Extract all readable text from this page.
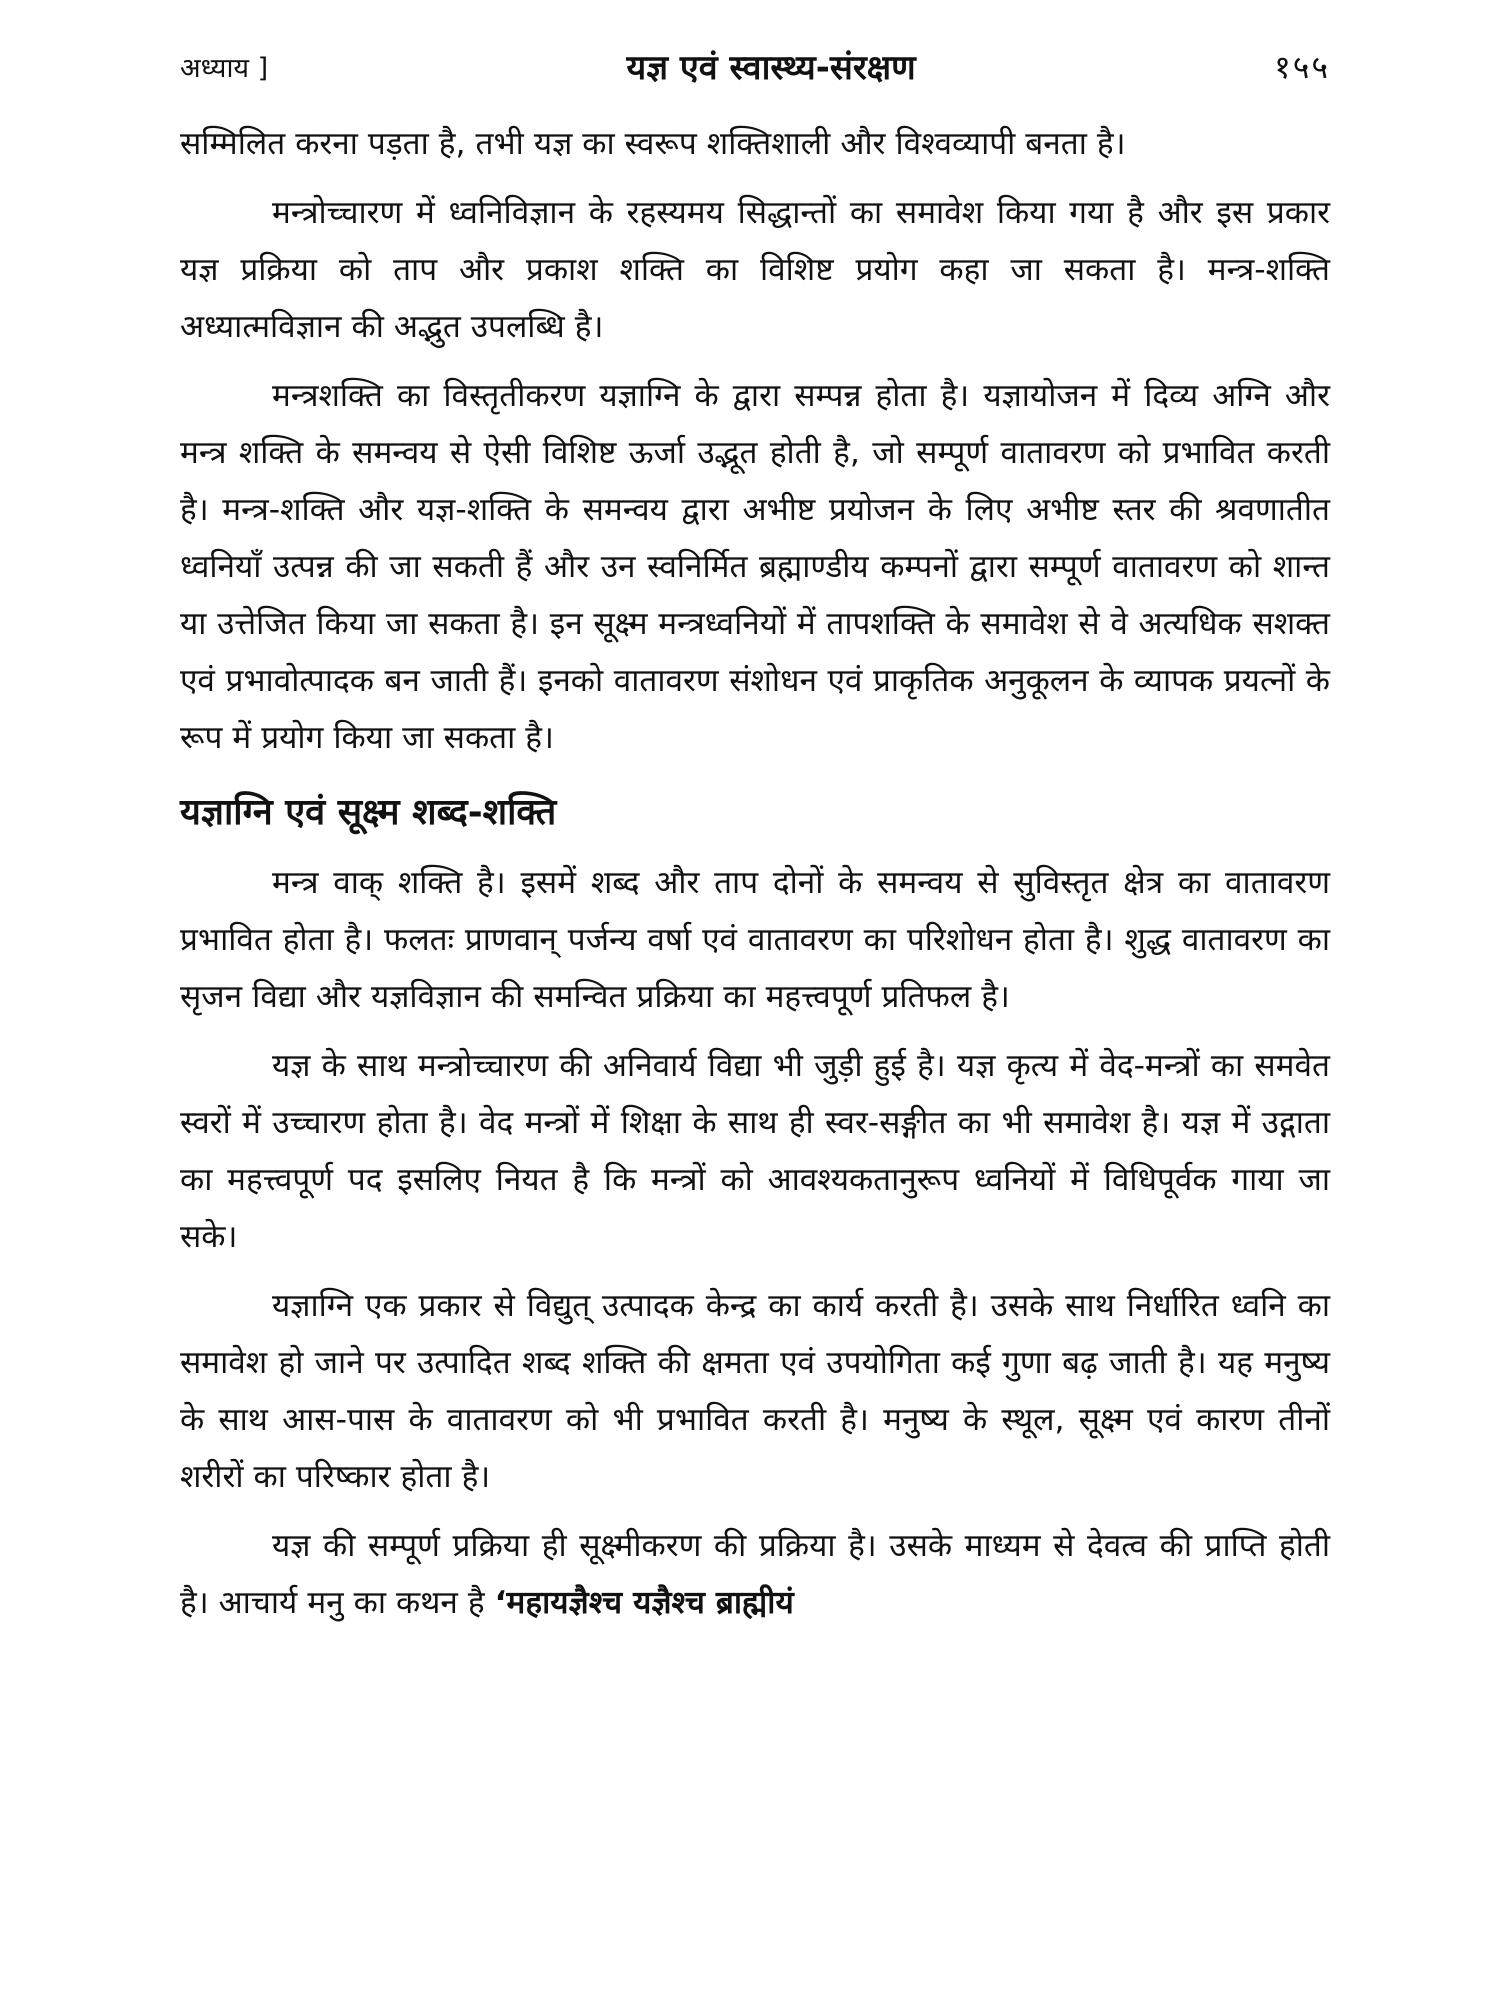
अध्याय ]	यज्ञ एवं स्वास्थ्य-संरक्षण	१५५

सम्मिलित करना पड़ता है, तभी यज्ञ का स्वरूप शक्तिशाली और विश्वव्यापी बनता है।

मन्त्रोच्चारण में ध्वनिविज्ञान के रहस्यमय सिद्धान्तों का समावेश किया गया है और इस प्रकार यज्ञ प्रक्रिया को ताप और प्रकाश शक्ति का विशिष्ट प्रयोग कहा जा सकता है। मन्त्र-शक्ति अध्यात्मविज्ञान की अद्भुत उपलब्धि है।

मन्त्रशक्ति का विस्तृतीकरण यज्ञाग्नि के द्वारा सम्पन्न होता है। यज्ञायोजन में दिव्य अग्नि और मन्त्र शक्ति के समन्वय से ऐसी विशिष्ट ऊर्जा उद्भूत होती है, जो सम्पूर्ण वातावरण को प्रभावित करती है। मन्त्र-शक्ति और यज्ञ-शक्ति के समन्वय द्वारा अभीष्ट प्रयोजन के लिए अभीष्ट स्तर की श्रवणातीत ध्वनियाँ उत्पन्न की जा सकती हैं और उन स्वनिर्मित ब्रह्माण्डीय कम्पनों द्वारा सम्पूर्ण वातावरण को शान्त या उत्तेजित किया जा सकता है। इन सूक्ष्म मन्त्रध्वनियों में तापशक्ति के समावेश से वे अत्यधिक सशक्त एवं प्रभावोत्पादक बन जाती हैं। इनको वातावरण संशोधन एवं प्राकृतिक अनुकूलन के व्यापक प्रयत्नों के रूप में प्रयोग किया जा सकता है।

यज्ञाग्नि एवं सूक्ष्म शब्द-शक्ति

मन्त्र वाक् शक्ति है। इसमें शब्द और ताप दोनों के समन्वय से सुविस्तृत क्षेत्र का वातावरण प्रभावित होता है। फलतः प्राणवान् पर्जन्य वर्षा एवं वातावरण का परिशोधन होता है। शुद्ध वातावरण का सृजन विद्या और यज्ञविज्ञान की समन्वित प्रक्रिया का महत्त्वपूर्ण प्रतिफल है।

यज्ञ के साथ मन्त्रोच्चारण की अनिवार्य विद्या भी जुड़ी हुई है। यज्ञ कृत्य में वेद-मन्त्रों का समवेत स्वरों में उच्चारण होता है। वेद मन्त्रों में शिक्षा के साथ ही स्वर-सङ्गीत का भी समावेश है। यज्ञ में उद्गाता का महत्त्वपूर्ण पद इसलिए नियत है कि मन्त्रों को आवश्यकतानुरूप ध्वनियों में विधिपूर्वक गाया जा सके।

यज्ञाग्नि एक प्रकार से विद्युत् उत्पादक केन्द्र का कार्य करती है। उसके साथ निर्धारित ध्वनि का समावेश हो जाने पर उत्पादित शब्द शक्ति की क्षमता एवं उपयोगिता कई गुणा बढ़ जाती है। यह मनुष्य के साथ आस-पास के वातावरण को भी प्रभावित करती है। मनुष्य के स्थूल, सूक्ष्म एवं कारण तीनों शरीरों का परिष्कार होता है।

यज्ञ की सम्पूर्ण प्रक्रिया ही सूक्ष्मीकरण की प्रक्रिया है। उसके माध्यम से देवत्व की प्राप्ति होती है। आचार्य मनु का कथन है ‘महायज्ञैश्च यज्ञैश्च ब्राह्मीयं
